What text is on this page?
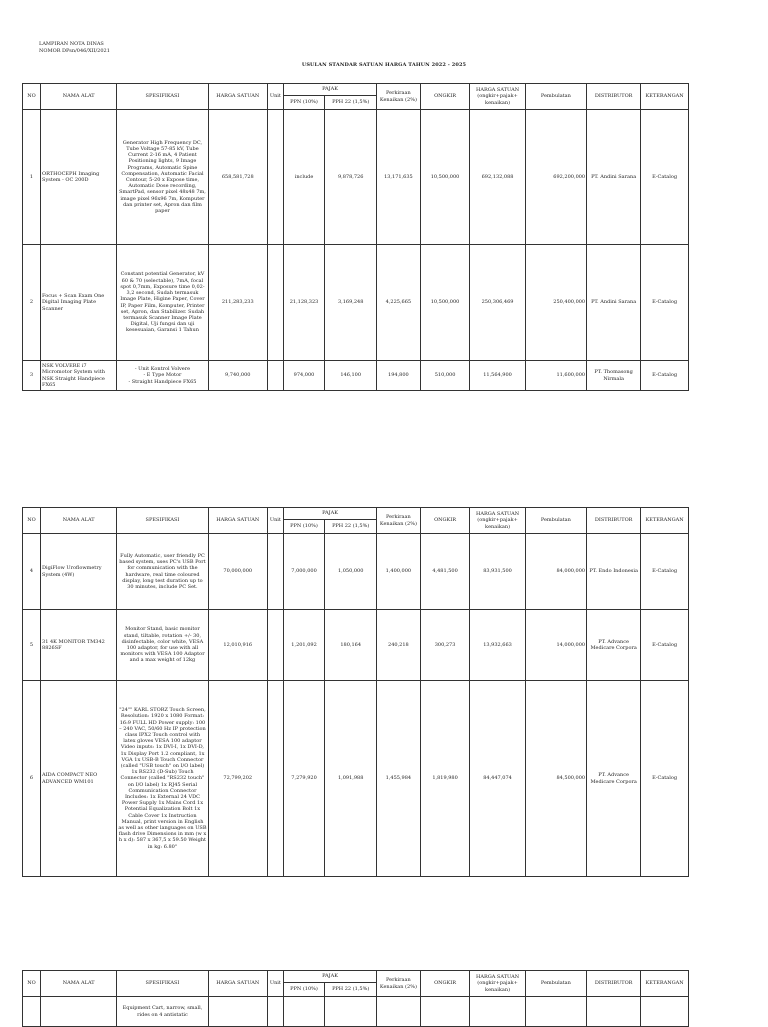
LAMPIRAN NOTA DINAS
NOMOR DPsn/046/XII/2021
USULAN STANDAR SATUAN HARGA TAHUN 2022 - 2025
NO	NAMA ALAT	SPESIFIKASI	HARGA SATUAN	Unit	PAJAK		Perkiraan Kenaikan (2%)	ONGKIR	HARGA SATUAN (ongkir+pajak+ kenaikan)	Pembulatan	DISTRIBUTOR	KETERANGAN
					PPN (10%)	PPH 22 (1,5%)						
1	ORTHOCEPH Imaging System - OC 200D	Generator High Frequency DC, Tube Voltage 57-85 kV, Tube Current 2-16 mA, 4 Patient Positioning lights, 9 Image Programs, Automatic Spine Compensation, Automatic Facial Contour, 5-20 x Expose time, Automatic Dose recording, SmartPad, sensor pixel 48x48 7m, image pixel 96x96 7m, Komputer dan printer set, Apron dan film paper	658,581,728		include	9,878,726	13,171,635	10,500,000	692,132,088	692,200,000	PT. Andini Sarana	E-Catalog
2	Focus + Scan Exam One Digital Imaging Plate Scanner	Constant potential Generator, kV 60 & 70 (selectable), 7mA, focal spot 0,7mm, Exposure time 0,02-3,2 second, Sudah termasuk Image Plate, Higine Paper, Cover IP, Paper Film, Komputer, Printer set, Apron, dan Stabilizer. Sudah termasuk Scanner Image Plate Digital, Uji fungsi dan uji kesesuaian, Garansi 1 Tahun	211,283,233		21,128,323	3,169,248	4,225,665	10,500,000	250,306,469	250,400,000	PT. Andini Sarana	E-Catalog
3	NSK VOLVERE i7 Micromotor System with NSK Straight Handpiece FX65	- Unit Kontrol Volvere
- E Type Motor
- Straight Handpiece FX65	9,740,000		974,000	146,100	194,800	510,000	11,564,900	11,600,000	PT. Thomasong Nirmala	E-Catalog
NO	NAMA ALAT	SPESIFIKASI	HARGA SATUAN	Unit	PAJAK		Perkiraan Kenaikan (2%)	ONGKIR	HARGA SATUAN (ongkir+pajak+ kenaikan)	Pembulatan	DISTRIBUTOR	KETERANGAN
					PPN (10%)	PPH 22 (1,5%)						
4	DigiFlow Uroflowmetry System (4W)	Fully Automatic, user friendly PC based system, uses PC's USB Port for communication with the hardware, real time coloured display, long test duration up to 30 minutes, include PC Set.	70,000,000		7,000,000	1,050,000	1,400,000	4,481,500	83,931,500	84,000,000	PT. Endo Indonesia	E-Catalog
5	31 4K MONITOR TM342 8826SF	Monitor Stand, basic monitor stand, tiltable, rotation +/- 30, disinfectable, color white, VESA 100 adaptor, for use with all monitors with VESA 100 Adaptor and a max weight of 12kg	12,010,916		1,201,092	180,164	240,218	300,273	13,932,663	14,000,000	PT. Advance Medicare Corpora	E-Catalog
6	AIDA COMPACT NEO ADVANCED WM101	"24"" KARL STORZ Touch Screen, Resolution: 1920 x 1080 Format: 16:9 FULL HD Power supply: 100 – 240 VAC, 50/60 Hz IP protection class IPX2 Touch control with latex gloves VESA 100 adaptor Video inputs: 1x DVI-I, 1x DVI-D, 1x Display Port 1.2 compliant, 1x VGA 1x USB-B Touch Connector (called "USB touch" on I/O label) 1x RS232 (D-Sub) Touch Connector (called "RS232 touch" on I/O label) 1x RJ45 Serial Communication Connector Includes: 1x External 24 VDC Power Supply 1x Mains Cord 1x Potential Equalization Bolt 1x Cable Cover 1x Instruction Manual, print version in English as well as other languages on USB flash drive Dimensions in mm (w x h x d): 587 x 367,5 x 59.50 Weight in kg: 6.80"	72,799,202		7,279,920	1,091,988	1,455,984	1,819,980	84,447,074	84,500,000	PT. Advance Medicare Corpora	E-Catalog
NO	NAMA ALAT	SPESIFIKASI	HARGA SATUAN	Unit	PAJAK		Perkiraan Kenaikan (2%)	ONGKIR	HARGA SATUAN (ongkir+pajak+ kenaikan)	Pembulatan	DISTRIBUTOR	KETERANGAN
					PPN (10%)	PPH 22 (1,5%)						
		Equipment Cart, narrow, small, rides on 4 antistatic										
